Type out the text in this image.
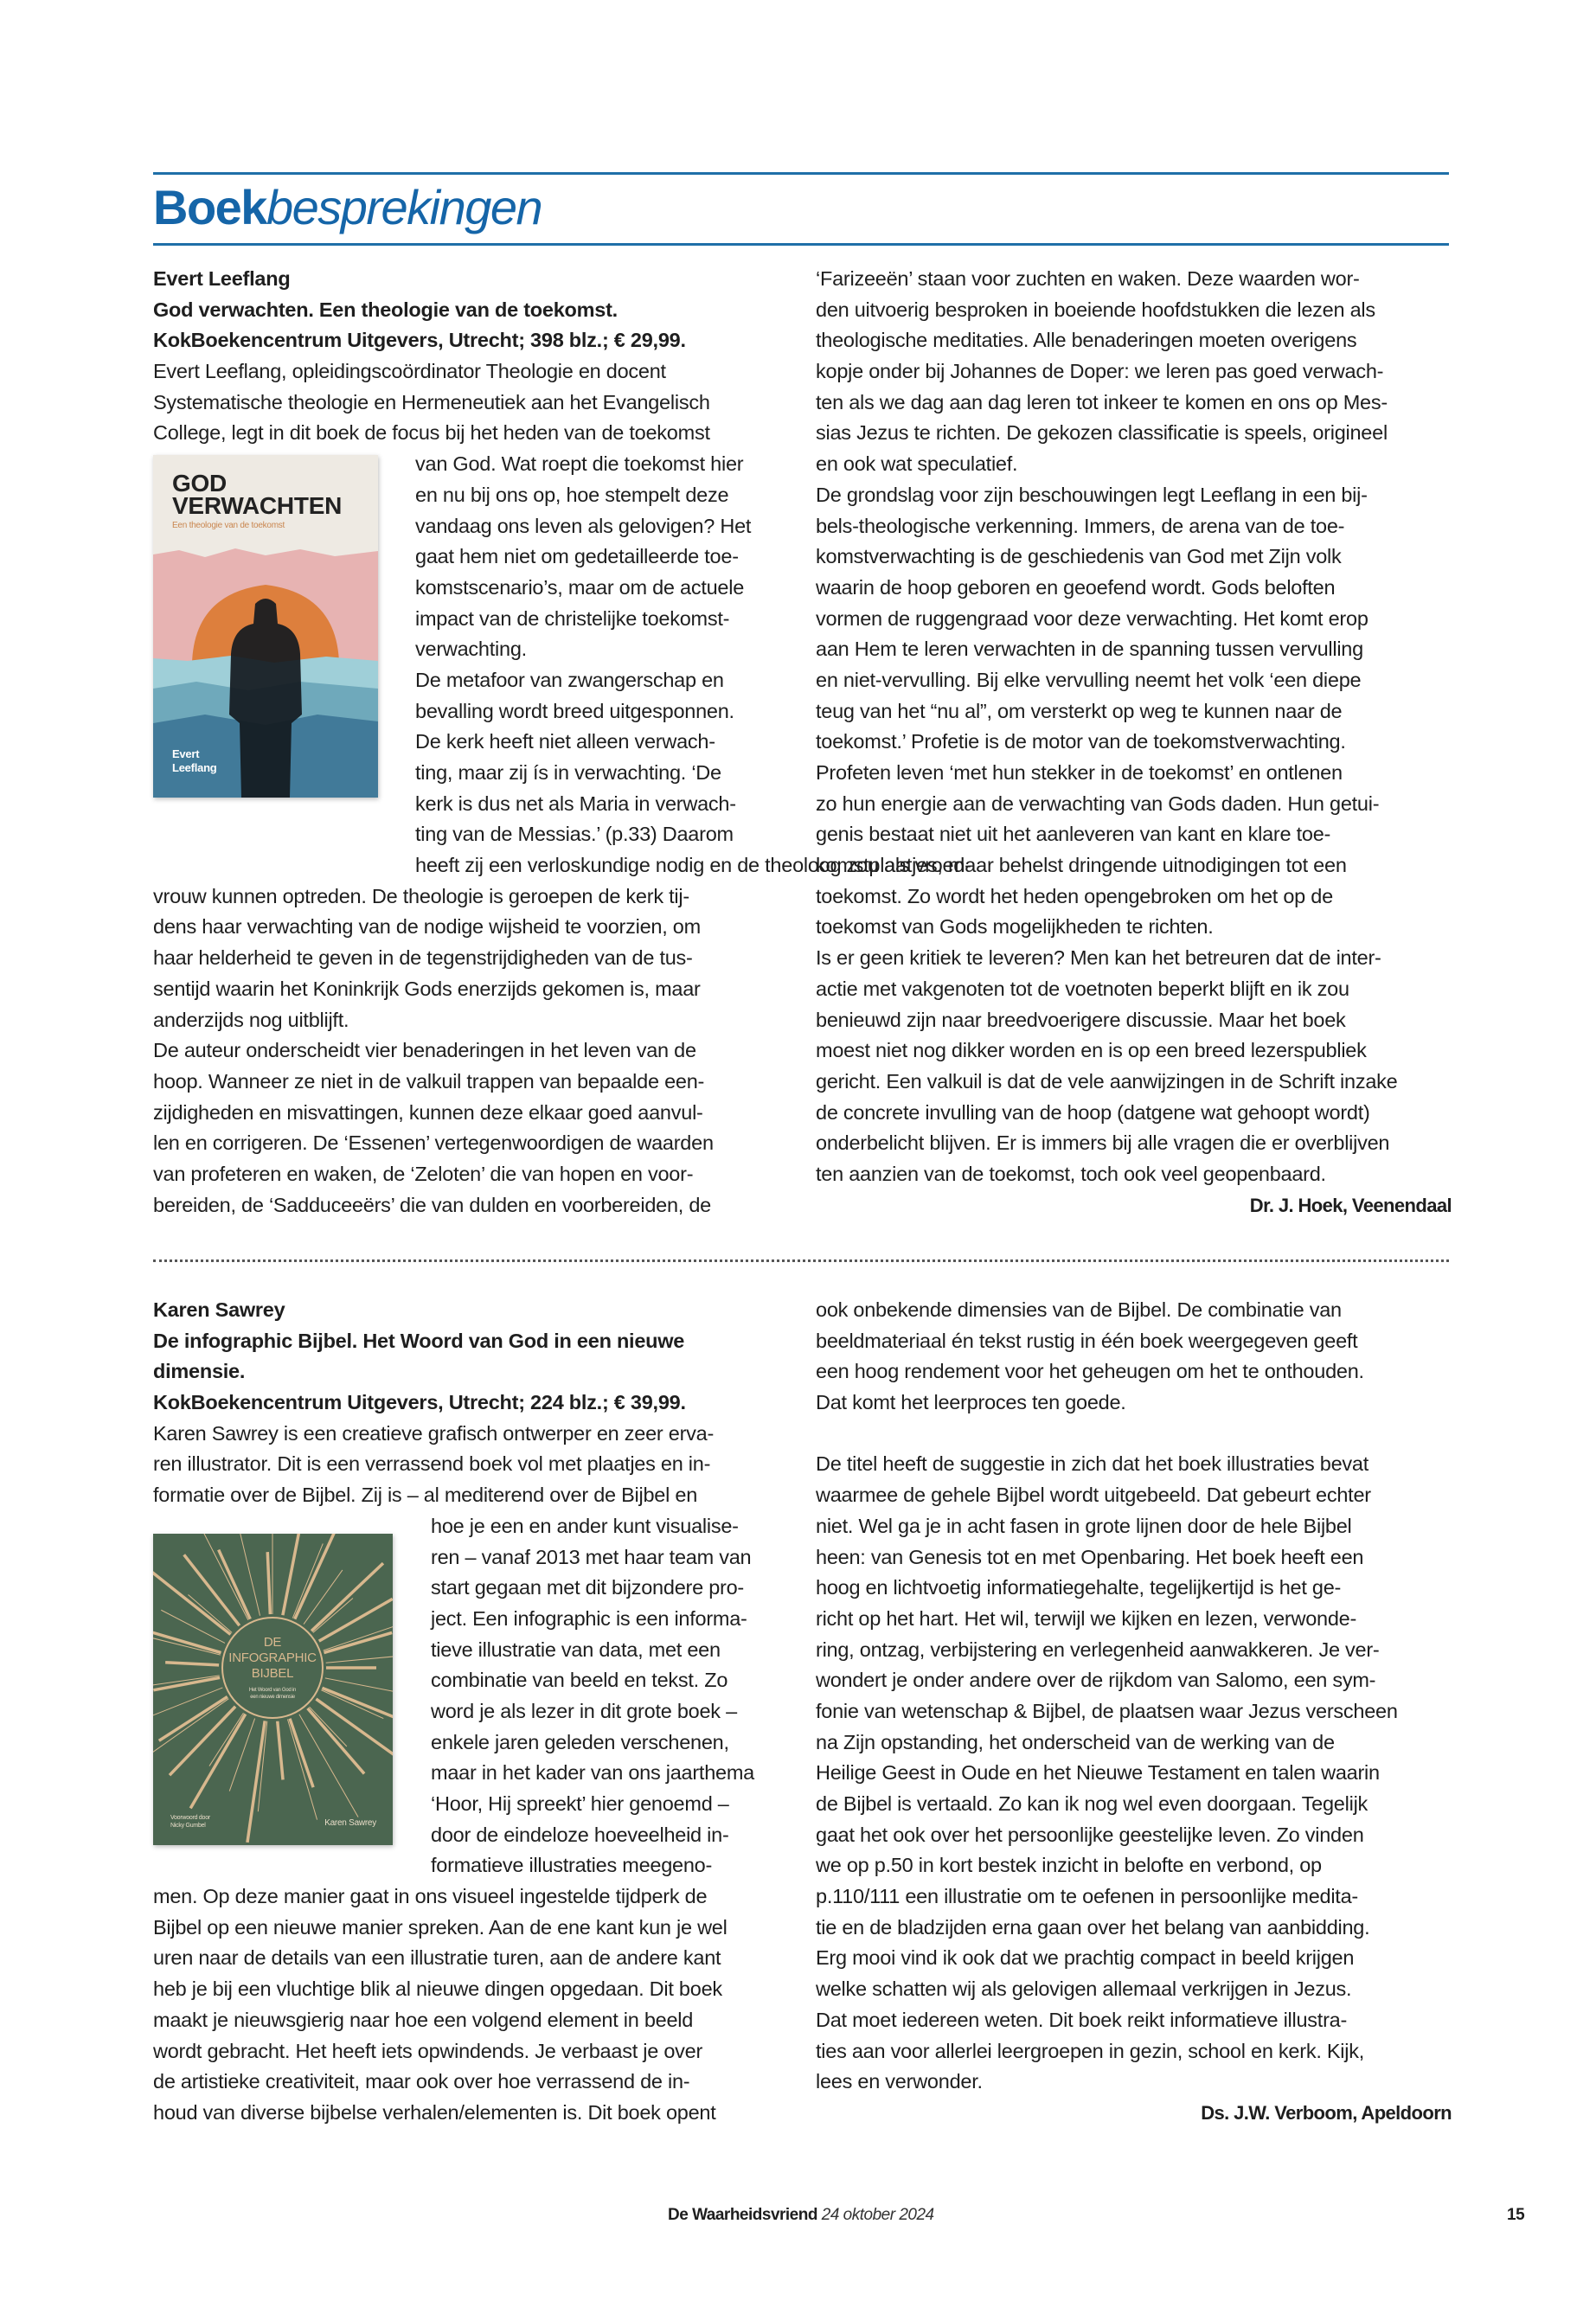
Boekbesprekingen
Evert Leeflang
God verwachten. Een theologie van de toekomst.
KokBoekencentrum Uitgevers, Utrecht; 398 blz.; € 29,99.
Evert Leeflang, opleidingscoördinator Theologie en docent
Systematische theologie en Hermeneutiek aan het Evangelisch
College, legt in dit boek de focus bij het heden van de toekomst
GOD
VERWACHTEN
Een theologie van de toekomst
Evert
Leeflang
van God. Wat roept die toekomst hier
en nu bij ons op, hoe stempelt deze
vandaag ons leven als gelovigen? Het
gaat hem niet om gedetailleerde toe-
komstscenario’s, maar om de actuele
impact van de christelijke toekomst-
verwachting.
De metafoor van zwangerschap en
bevalling wordt breed uitgesponnen.
De kerk heeft niet alleen verwach-
ting, maar zij ís in verwachting. ‘De
kerk is dus net als Maria in verwach-
ting van de Messias.’ (p.33) Daarom
heeft zij een verloskundige nodig en de theoloog zou als vroed-
vrouw kunnen optreden. De theologie is geroepen de kerk tij-
dens haar verwachting van de nodige wijsheid te voorzien, om
haar helderheid te geven in de tegenstrijdigheden van de tus-
sentijd waarin het Koninkrijk Gods enerzijds gekomen is, maar
anderzijds nog uitblijft.
De auteur onderscheidt vier benaderingen in het leven van de
hoop. Wanneer ze niet in de valkuil trappen van bepaalde een-
zijdigheden en misvattingen, kunnen deze elkaar goed aanvul-
len en corrigeren. De ‘Essenen’ vertegenwoordigen de waarden
van profeteren en waken, de ‘Zeloten’ die van hopen en voor-
bereiden, de ‘Sadduceeërs’ die van dulden en voorbereiden, de
‘Farizeeën’ staan voor zuchten en waken. Deze waarden wor-
den uitvoerig besproken in boeiende hoofdstukken die lezen als
theologische meditaties. Alle benaderingen moeten overigens
kopje onder bij Johannes de Doper: we leren pas goed verwach-
ten als we dag aan dag leren tot inkeer te komen en ons op Mes-
sias Jezus te richten. De gekozen classificatie is speels, origineel
en ook wat speculatief.
De grondslag voor zijn beschouwingen legt Leeflang in een bij-
bels-theologische verkenning. Immers, de arena van de toe-
komstverwachting is de geschiedenis van God met Zijn volk
waarin de hoop geboren en geoefend wordt. Gods beloften
vormen de ruggengraad voor deze verwachting. Het komt erop
aan Hem te leren verwachten in de spanning tussen vervulling
en niet-vervulling. Bij elke vervulling neemt het volk ‘een diepe
teug van het “nu al”, om versterkt op weg te kunnen naar de
toekomst.’ Profetie is de motor van de toekomstverwachting.
Profeten leven ‘met hun stekker in de toekomst’ en ontlenen
zo hun energie aan de verwachting van Gods daden. Hun getui-
genis bestaat niet uit het aanleveren van kant en klare toe-
komstplaatjes, maar behelst dringende uitnodigingen tot een
toekomst. Zo wordt het heden opengebroken om het op de
toekomst van Gods mogelijkheden te richten.
Is er geen kritiek te leveren? Men kan het betreuren dat de inter-
actie met vakgenoten tot de voetnoten beperkt blijft en ik zou
benieuwd zijn naar breedvoerigere discussie. Maar het boek
moest niet nog dikker worden en is op een breed lezerspubliek
gericht. Een valkuil is dat de vele aanwijzingen in de Schrift inzake
de concrete invulling van de hoop (datgene wat gehoopt wordt)
onderbelicht blijven. Er is immers bij alle vragen die er overblijven
ten aanzien van de toekomst, toch ook veel geopenbaard.
Dr. J. Hoek, Veenendaal
Karen Sawrey
De infographic Bijbel. Het Woord van God in een nieuwe
dimensie.
KokBoekencentrum Uitgevers, Utrecht; 224 blz.; € 39,99.
Karen Sawrey is een creatieve grafisch ontwerper en zeer erva-
ren illustrator. Dit is een verrassend boek vol met plaatjes en in-
formatie over de Bijbel. Zij is – al mediterend over de Bijbel en
DE
INFOGRAPHIC
BIJBEL
Het Woord van God in
een nieuwe dimensie
Voorwoord door
Nicky Gumbel	Karen Sawrey
hoe je een en ander kunt visualise-
ren – vanaf 2013 met haar team van
start gegaan met dit bijzondere pro-
ject. Een infographic is een informa-
tieve illustratie van data, met een
combinatie van beeld en tekst. Zo
word je als lezer in dit grote boek –
enkele jaren geleden verschenen,
maar in het kader van ons jaarthema
‘Hoor, Hij spreekt’ hier genoemd –
door de eindeloze hoeveelheid in-
formatieve illustraties meegeno-
men. Op deze manier gaat in ons visueel ingestelde tijdperk de
Bijbel op een nieuwe manier spreken. Aan de ene kant kun je wel
uren naar de details van een illustratie turen, aan de andere kant
heb je bij een vluchtige blik al nieuwe dingen opgedaan. Dit boek
maakt je nieuwsgierig naar hoe een volgend element in beeld
wordt gebracht. Het heeft iets opwindends. Je verbaast je over
de artistieke creativiteit, maar ook over hoe verrassend de in-
houd van diverse bijbelse verhalen/elementen is. Dit boek opent
ook onbekende dimensies van de Bijbel. De combinatie van
beeldmateriaal én tekst rustig in één boek weergegeven geeft
een hoog rendement voor het geheugen om het te onthouden.
Dat komt het leerproces ten goede.
De titel heeft de suggestie in zich dat het boek illustraties bevat
waarmee de gehele Bijbel wordt uitgebeeld. Dat gebeurt echter
niet. Wel ga je in acht fasen in grote lijnen door de hele Bijbel
heen: van Genesis tot en met Openbaring. Het boek heeft een
hoog en lichtvoetig informatiegehalte, tegelijkertijd is het ge-
richt op het hart. Het wil, terwijl we kijken en lezen, verwonde-
ring, ontzag, verbijstering en verlegenheid aanwakkeren. Je ver-
wondert je onder andere over de rijkdom van Salomo, een sym-
fonie van wetenschap & Bijbel, de plaatsen waar Jezus verscheen
na Zijn opstanding, het onderscheid van de werking van de
Heilige Geest in Oude en het Nieuwe Testament en talen waarin
de Bijbel is vertaald. Zo kan ik nog wel even doorgaan. Tegelijk
gaat het ook over het persoonlijke geestelijke leven. Zo vinden
we op p.50 in kort bestek inzicht in belofte en verbond, op
p.110/111 een illustratie om te oefenen in persoonlijke medita-
tie en de bladzijden erna gaan over het belang van aanbidding.
Erg mooi vind ik ook dat we prachtig compact in beeld krijgen
welke schatten wij als gelovigen allemaal verkrijgen in Jezus.
Dat moet iedereen weten. Dit boek reikt informatieve illustra-
ties aan voor allerlei leergroepen in gezin, school en kerk. Kijk,
lees en verwonder.
Ds. J.W. Verboom, Apeldoorn
De Waarheidsvriend 24 oktober 2024	15
